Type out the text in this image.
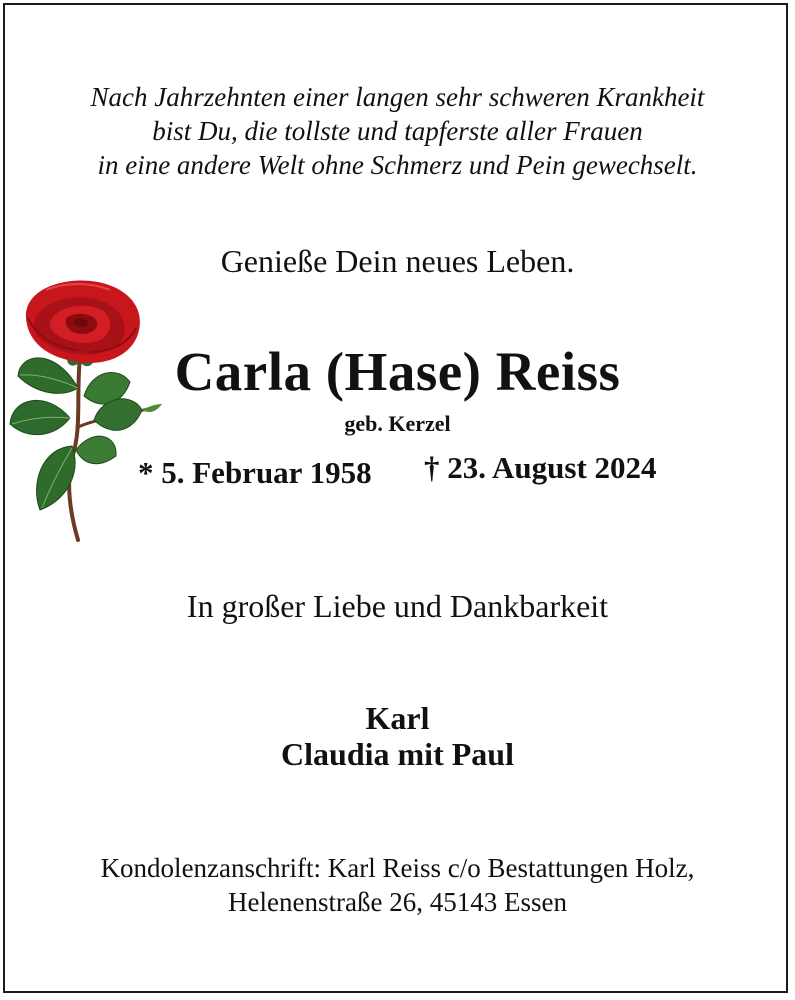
Nach Jahrzehnten einer langen sehr schweren Krankheit

bist Du, die tollste und tapferste aller Frauen

in eine andere Welt ohne Schmerz und Pein gewechselt.

Genieße Dein neues Leben.

Carla (Hase) Reiss

geb. Kerzel

* 5. Februar 1958 † 23. August 2024

In großer Liebe und Dankbarkeit

Karl

Claudia mit Paul

Kondolenzanschrift: Karl Reiss c/o Bestattungen Holz,

Helenenstraße 26, 45143 Essen
